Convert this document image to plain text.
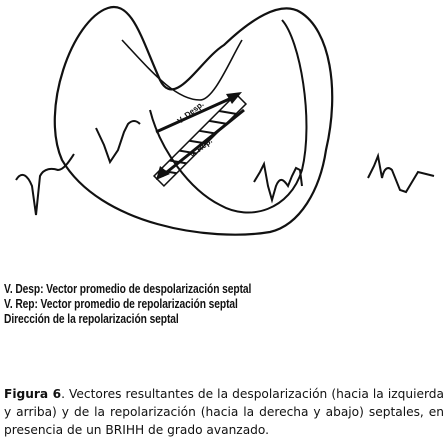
V. Desp.
V. Rep.
V. Desp: Vector promedio de despolarización septal
V. Rep: Vector promedio de repolarización septal
Dirección de la repolarización septal
Figura 6. Vectores resultantes de la despolarización (hacia la izquierda y arriba) y de la repolarización (hacia la derecha y abajo) septales, en presencia de un BRIHH de grado avanzado.
